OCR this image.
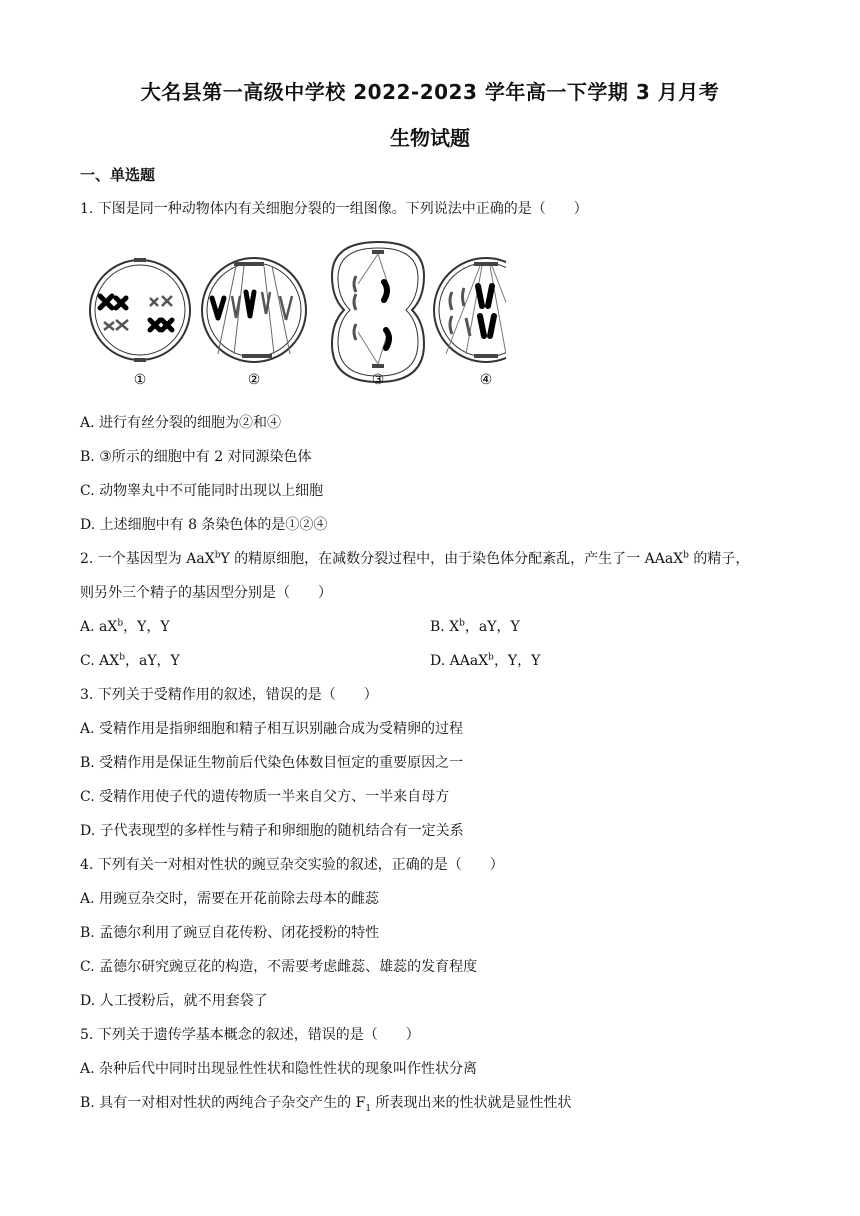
大名县第一高级中学校 2022-2023 学年高一下学期 3 月月考
生物试题
一、单选题
1. 下图是同一种动物体内有关细胞分裂的一组图像。下列说法中正确的是（　　）
①	②	③	④
A. 进行有丝分裂的细胞为②和④
B. ③所示的细胞中有 2 对同源染色体
C. 动物睾丸中不可能同时出现以上细胞
D. 上述细胞中有 8 条染色体的是①②④
2. 一个基因型为 AaX$^b$Y 的精原细胞，在减数分裂过程中，由于染色体分配紊乱，产生了一 AAaX$^b$ 的精子，
则另外三个精子的基因型分别是（　　）
A. $aX^b$，Y，Y	B. $X^b$，aY，Y
C. $AX^b$，aY，Y	D. AAaX$^b$，Y，Y
3. 下列关于受精作用的叙述，错误的是（　　）
A. 受精作用是指卵细胞和精子相互识别融合成为受精卵的过程
B. 受精作用是保证生物前后代染色体数目恒定的重要原因之一
C. 受精作用使子代的遗传物质一半来自父方、一半来自母方
D. 子代表现型的多样性与精子和卵细胞的随机结合有一定关系
4. 下列有关一对相对性状的豌豆杂交实验的叙述，正确的是（　　）
A. 用豌豆杂交时，需要在开花前除去母本的雌蕊
B. 孟德尔利用了豌豆自花传粉、闭花授粉的特性
C. 孟德尔研究豌豆花的构造，不需要考虑雌蕊、雄蕊的发育程度
D. 人工授粉后，就不用套袋了
5. 下列关于遗传学基本概念的叙述，错误的是（　　）
A. 杂种后代中同时出现显性性状和隐性性状的现象叫作性状分离
B. 具有一对相对性状的两纯合子杂交产生的 $F_1$ 所表现出来的性状就是显性性状
